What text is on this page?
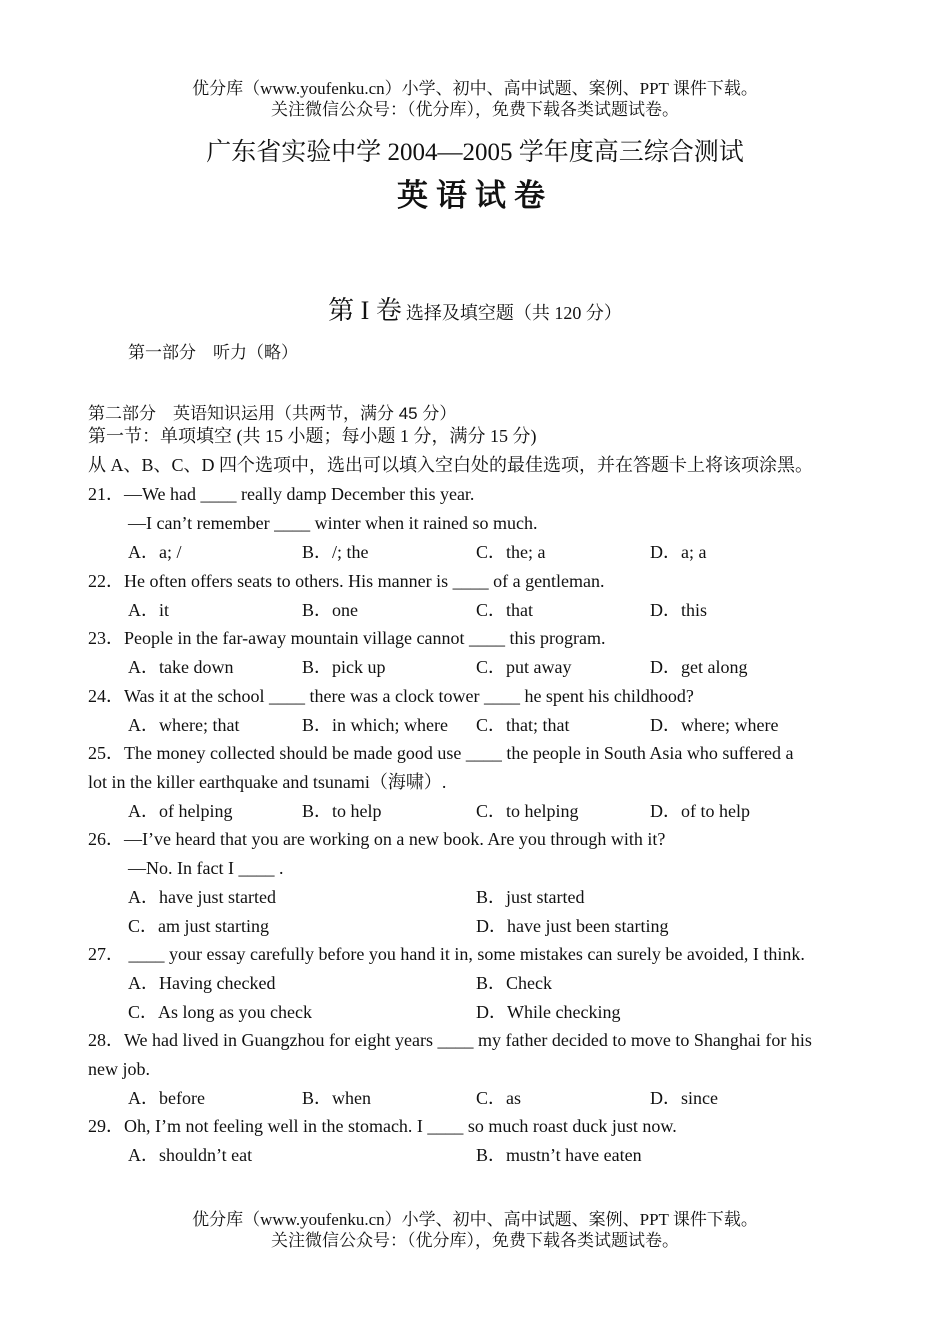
优分库（www.youfenku.cn）小学、初中、高中试题、案例、PPT 课件下载。
关注微信公众号：（优分库），免费下载各类试题试卷。
广东省实验中学 2004—2005 学年度高三综合测试
英语试卷
第 I 卷 选择及填空题（共 120 分）
第一部分　听力（略）
第二部分　英语知识运用（共两节，满分 45 分）
第一节：单项填空 (共 15 小题；每小题 1 分，满分 15 分)
从 A、B、C、D 四个选项中，选出可以填入空白处的最佳选项，并在答题卡上将该项涂黑。
21．—We had ____ really damp December this year.
—I can’t remember ____ winter when it rained so much.
A．a; /	B．/; the	C．the; a	D．a; a
22．He often offers seats to others. His manner is ____ of a gentleman.
A．it	B．one	C．that	D．this
23．People in the far-away mountain village cannot ____ this program.
A．take down	B．pick up	C．put away	D．get along
24．Was it at the school ____ there was a clock tower ____ he spent his childhood?
A．where; that	B．in which; where C．that; that	D．where; where
25．The money collected should be made good use ____ the people in South Asia who suffered a
lot in the killer earthquake and tsunami（海啸）.
A．of helping	B．to help	C．to helping	D．of to help
26．—I’ve heard that you are working on a new book. Are you through with it?
—No. In fact I ____ .
A．have just started	B．just started
C．am just starting	D．have just been starting
27． ____ your essay carefully before you hand it in, some mistakes can surely be avoided, I think.
A．Having checked	B．Check
C．As long as you check	D．While checking
28．We had lived in Guangzhou for eight years ____ my father decided to move to Shanghai for his
new job.
A．before	B．when	C．as	D．since
29．Oh, I’m not feeling well in the stomach. I ____ so much roast duck just now.
A．shouldn’t eat	B．mustn’t have eaten
优分库（www.youfenku.cn）小学、初中、高中试题、案例、PPT 课件下载。
关注微信公众号：（优分库），免费下载各类试题试卷。
